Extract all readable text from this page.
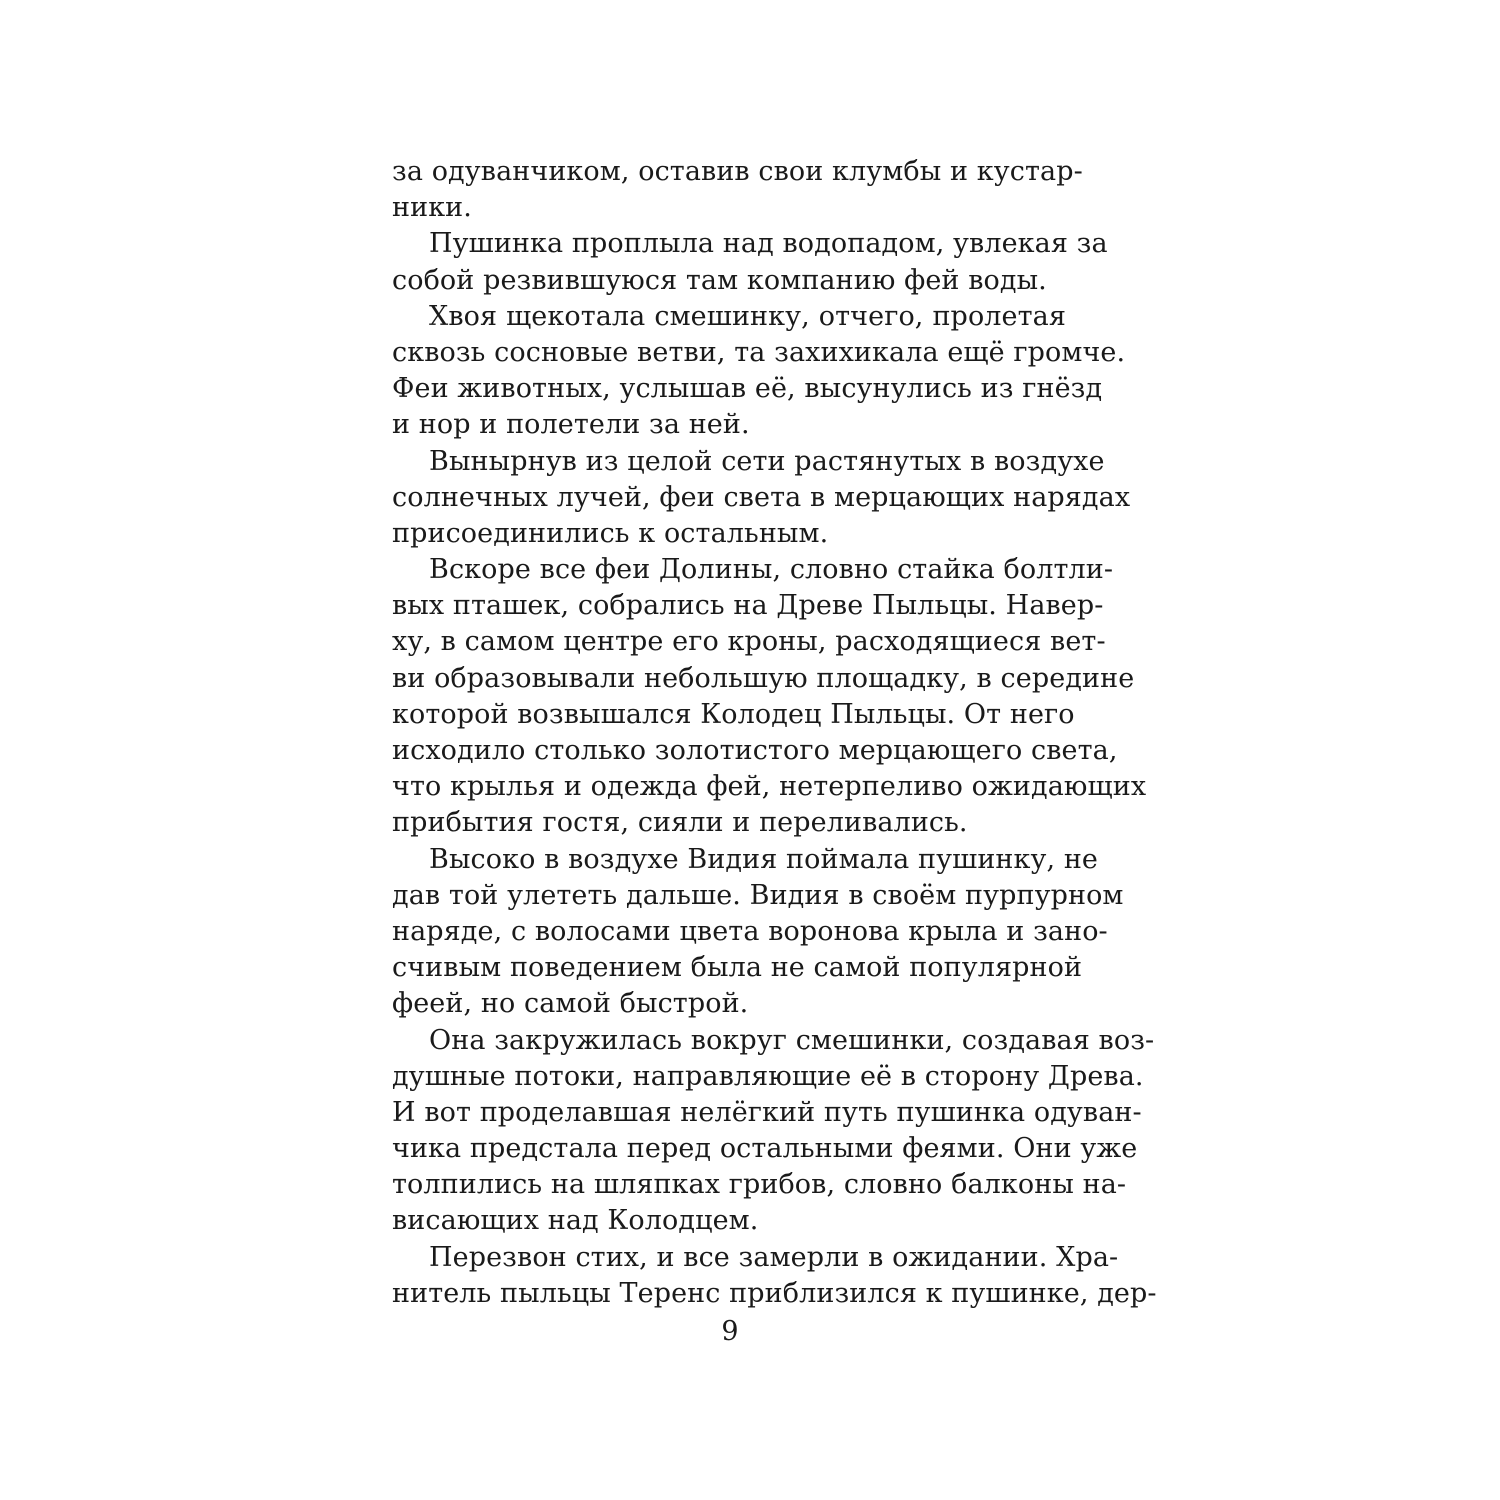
за одуванчиком, оставив свои клумбы и кустар-
ники.
Пушинка проплыла над водопадом, увлекая за
собой резвившуюся там компанию фей воды.
Хвоя щекотала смешинку, отчего, пролетая
сквозь сосновые ветви, та захихикала ещё громче.
Феи животных, услышав её, высунулись из гнёзд
и нор и полетели за ней.
Вынырнув из целой сети растянутых в воздухе
солнечных лучей, феи света в мерцающих нарядах
присоединились к остальным.
Вскоре все феи Долины, словно стайка болтли-
вых пташек, собрались на Древе Пыльцы. Навер-
ху, в самом центре его кроны, расходящиеся вет-
ви образовывали небольшую площадку, в середине
которой возвышался Колодец Пыльцы. От него
исходило столько золотистого мерцающего света,
что крылья и одежда фей, нетерпеливо ожидающих
прибытия гостя, сияли и переливались.
Высоко в воздухе Видия поймала пушинку, не
дав той улететь дальше. Видия в своём пурпурном
наряде, с волосами цвета воронова крыла и зано-
счивым поведением была не самой популярной
феей, но самой быстрой.
Она закружилась вокруг смешинки, создавая воз-
душные потоки, направляющие её в сторону Древа.
И вот проделавшая нелёгкий путь пушинка одуван-
чика предстала перед остальными феями. Они уже
толпились на шляпках грибов, словно балконы на-
висающих над Колодцем.
Перезвон стих, и все замерли в ожидании. Хра-
нитель пыльцы Теренс приблизился к пушинке, дер-
9
